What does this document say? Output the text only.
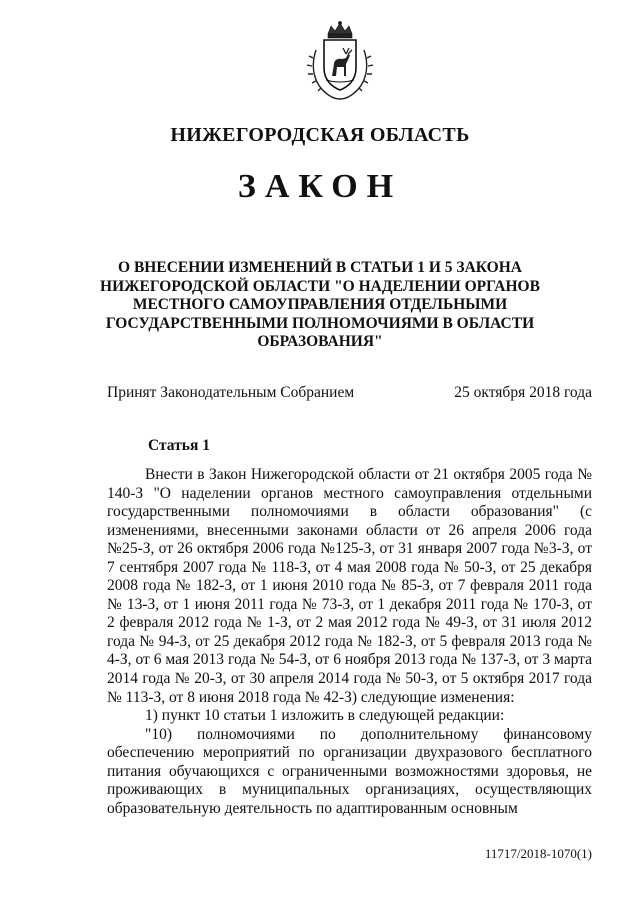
НИЖЕГОРОДСКАЯ ОБЛАСТЬ
ЗАКОН
О ВНЕСЕНИИ ИЗМЕНЕНИЙ В СТАТЬИ 1 И 5 ЗАКОНА НИЖЕГОРОДСКОЙ ОБЛАСТИ "О НАДЕЛЕНИИ ОРГАНОВ МЕСТНОГО САМОУПРАВЛЕНИЯ ОТДЕЛЬНЫМИ ГОСУДАРСТВЕННЫМИ ПОЛНОМОЧИЯМИ В ОБЛАСТИ ОБРАЗОВАНИЯ"
Принят Законодательным Собранием	25 октября 2018 года
Статья 1

Внести в Закон Нижегородской области от 21 октября 2005 года № 140-З "О наделении органов местного самоуправления отдельными государственными полномочиями в области образования" (с изменениями, внесенными законами области от 26 апреля 2006 года №25-З, от 26 октября 2006 года №125-З, от 31 января 2007 года №3-З, от 7 сентября 2007 года № 118-З, от 4 мая 2008 года № 50-З, от 25 декабря 2008 года № 182-З, от 1 июня 2010 года № 85-З, от 7 февраля 2011 года № 13-З, от 1 июня 2011 года № 73-З, от 1 декабря 2011 года № 170-З, от 2 февраля 2012 года № 1-З, от 2 мая 2012 года № 49-З, от 31 июля 2012 года № 94-З, от 25 декабря 2012 года № 182-З, от 5 февраля 2013 года № 4-З, от 6 мая 2013 года № 54-З, от 6 ноября 2013 года № 137-З, от 3 марта 2014 года № 20-З, от 30 апреля 2014 года № 50-З, от 5 октября 2017 года № 113-З, от 8 июня 2018 года № 42-З) следующие изменения:

1) пункт 10 статьи 1 изложить в следующей редакции:

"10) полномочиями по дополнительному финансовому обеспечению мероприятий по организации двухразового бесплатного питания обучающихся с ограниченными возможностями здоровья, не проживающих в муниципальных организациях, осуществляющих образовательную деятельность по адаптированным основным

11717/2018-1070(1)
